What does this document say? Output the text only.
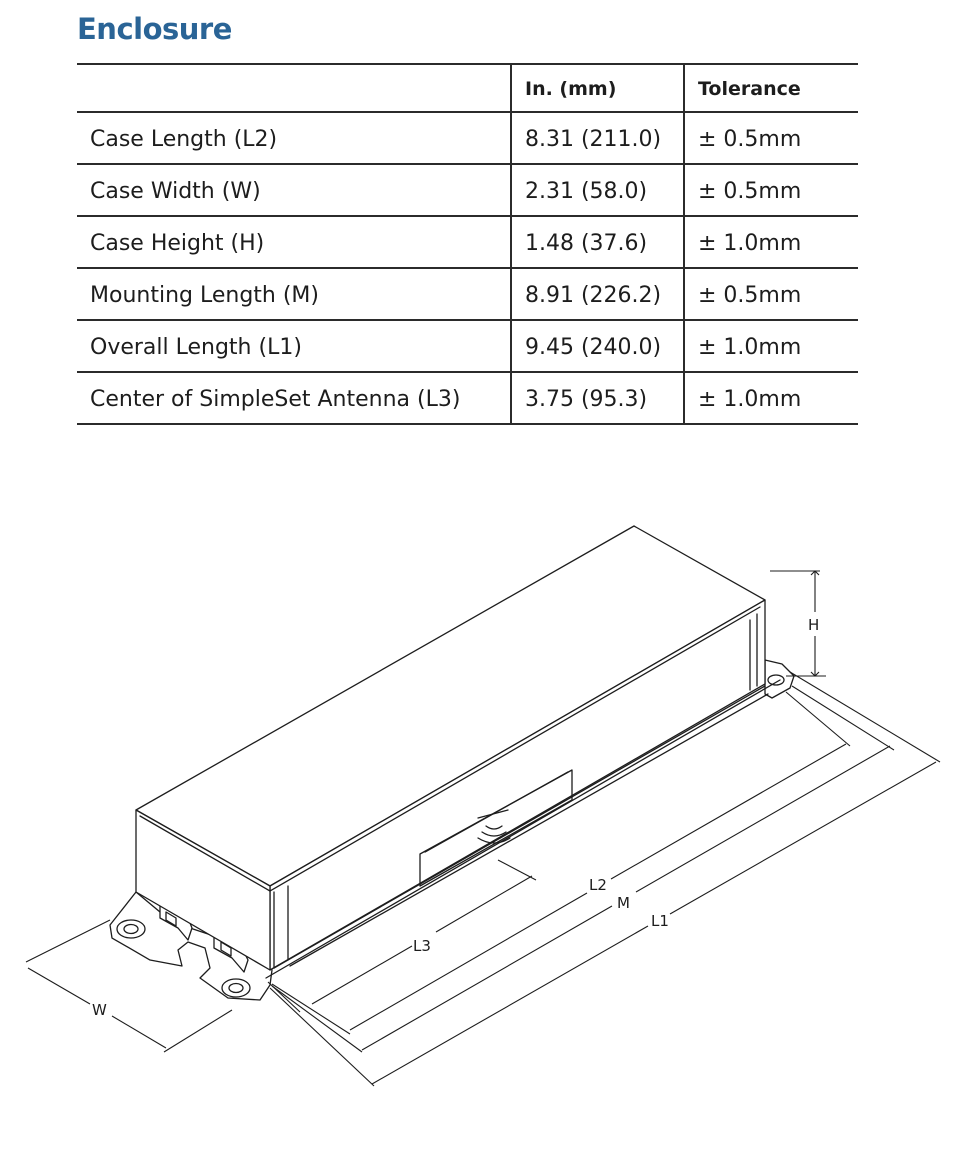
Enclosure
	In. (mm)	Tolerance
Case Length (L2)	8.31 (211.0)	± 0.5mm
Case Width (W)	2.31 (58.0)	± 0.5mm
Case Height (H)	1.48 (37.6)	± 1.0mm
Mounting Length (M)	8.91 (226.2)	± 0.5mm
Overall Length (L1)	9.45 (240.0)	± 1.0mm
Center of SimpleSet Antenna (L3)	3.75 (95.3)	± 1.0mm
H
L2
M
L1
L3
W
